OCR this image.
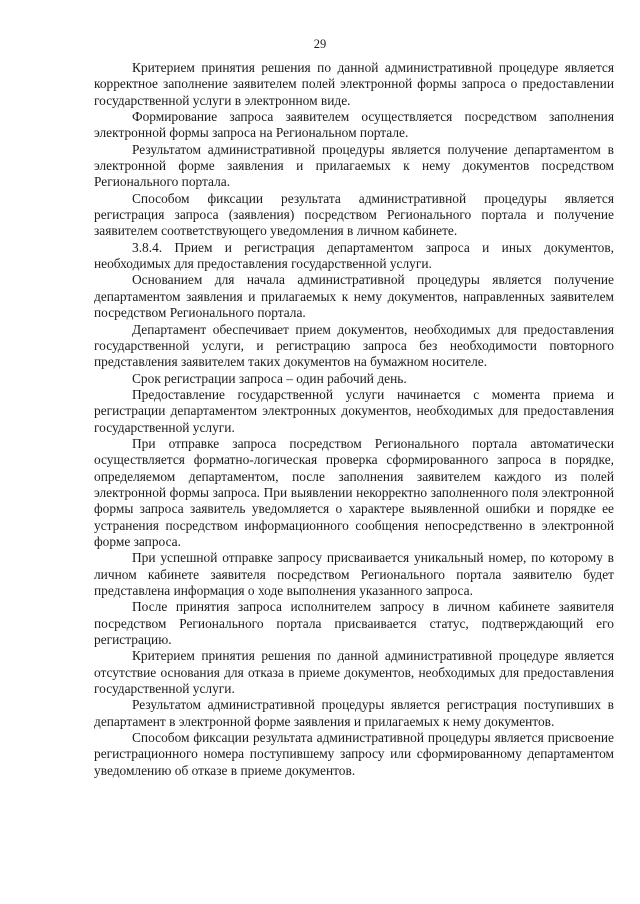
29

Критерием принятия решения по данной административной процедуре является корректное заполнение заявителем полей электронной формы запроса о предоставлении государственной услуги в электронном виде.

Формирование запроса заявителем осуществляется посредством заполнения электронной формы запроса на Региональном портале.

Результатом административной процедуры является получение департаментом в электронной форме заявления и прилагаемых к нему документов посредством Регионального портала.

Способом фиксации результата административной процедуры является регистрация запроса (заявления) посредством Регионального портала и получение заявителем соответствующего уведомления в личном кабинете.

3.8.4. Прием и регистрация департаментом запроса и иных документов, необходимых для предоставления государственной услуги.

Основанием для начала административной процедуры является получение департаментом заявления и прилагаемых к нему документов, направленных заявителем посредством Регионального портала.

Департамент обеспечивает прием документов, необходимых для предоставления государственной услуги, и регистрацию запроса без необходимости повторного представления заявителем таких документов на бумажном носителе.

Срок регистрации запроса – один рабочий день.

Предоставление государственной услуги начинается с момента приема и регистрации департаментом электронных документов, необходимых для предоставления государственной услуги.

При отправке запроса посредством Регионального портала автоматически осуществляется форматно-логическая проверка сформированного запроса в порядке, определяемом департаментом, после заполнения заявителем каждого из полей электронной формы запроса. При выявлении некорректно заполненного поля электронной формы запроса заявитель уведомляется о характере выявленной ошибки и порядке ее устранения посредством информационного сообщения непосредственно в электронной форме запроса.

При успешной отправке запросу присваивается уникальный номер, по которому в личном кабинете заявителя посредством Регионального портала заявителю будет представлена информация о ходе выполнения указанного запроса.

После принятия запроса исполнителем запросу в личном кабинете заявителя посредством Регионального портала присваивается статус, подтверждающий его регистрацию.

Критерием принятия решения по данной административной процедуре является отсутствие основания для отказа в приеме документов, необходимых для предоставления государственной услуги.

Результатом административной процедуры является регистрация поступивших в департамент в электронной форме заявления и прилагаемых к нему документов.

Способом фиксации результата административной процедуры является присвоение регистрационного номера поступившему запросу или сформированному департаментом уведомлению об отказе в приеме документов.
